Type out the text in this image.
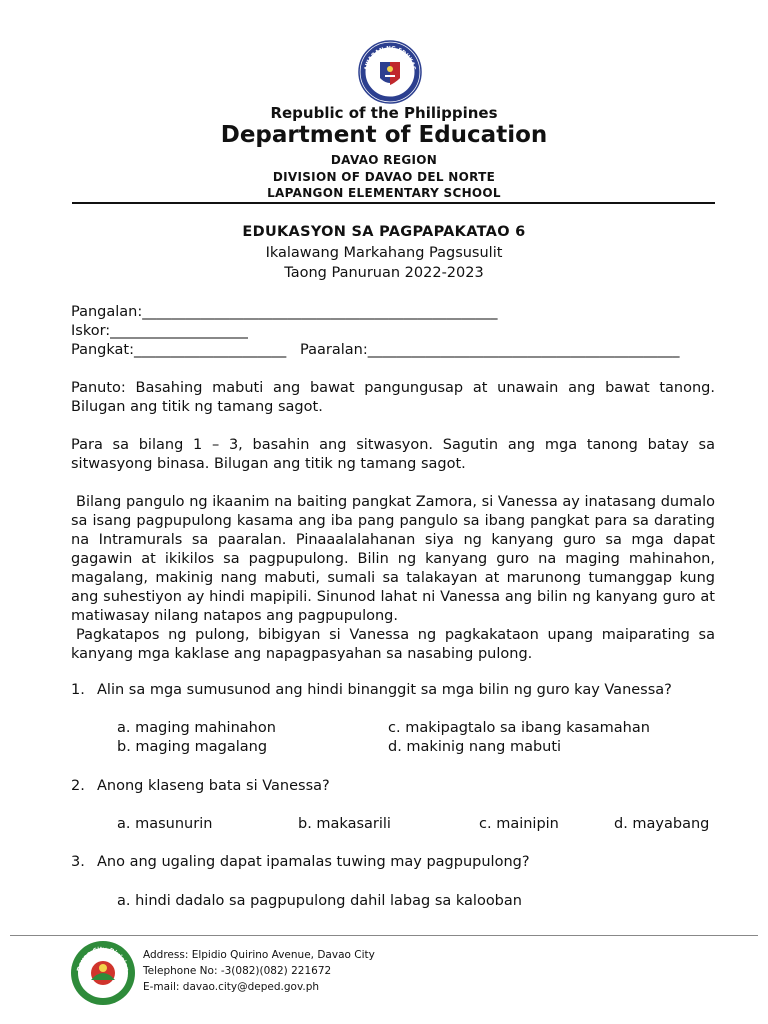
AWARAN NG EDUKAS
Republic of the Philippines
Department of Education
DAVAO REGION
DIVISION OF DAVAO DEL NORTE
LAPANGON ELEMENTARY SCHOOL
EDUKASYON SA PAGPAPAKATAO 6
Ikalawang Markahang Pagsusulit
Taong Panuruan 2022-2023
Pangalan:_________________________________________________
Iskor:___________________
Pangkat:_____________________ Paaralan:___________________________________________
Panuto: Basahing mabuti ang bawat pangungusap at unawain ang bawat tanong. Bilugan ang titik ng tamang sagot.
Para sa bilang 1 – 3, basahin ang sitwasyon. Sagutin ang mga tanong batay sa sitwasyong binasa. Bilugan ang titik ng tamang sagot.

Bilang pangulo ng ikaanim na baiting pangkat Zamora, si Vanessa ay inatasang dumalo sa isang pagpupulong kasama ang iba pang pangulo sa ibang pangkat para sa darating na Intramurals sa paaralan. Pinaaalalahanan siya ng kanyang guro sa mga dapat gagawin at ikikilos sa pagpupulong. Bilin ng kanyang guro na maging mahinahon, magalang, makinig nang mabuti, sumali sa talakayan at marunong tumanggap kung ang suhestiyon ay hindi mapipili. Sinunod lahat ni Vanessa ang bilin ng kanyang guro at matiwasay nilang natapos ang pagpupulong.

Pagkatapos ng pulong, bibigyan si Vanessa ng pagkakataon upang maiparating sa kanyang mga kaklase ang napagpasyahan sa nasabing pulong.

1. Alin sa mga sumusunod ang hindi binanggit sa mga bilin ng guro kay Vanessa?
a. maging mahinahon	c. makipagtalo sa ibang kasamahan
b. maging magalang	d. makinig nang mabuti
2. Anong klaseng bata si Vanessa?
a. masunurin	b. makasarili	c. mainipin	d. mayabang
3. Ano ang ugaling dapat ipamalas tuwing may pagpupulong?
a. hindi dadalo sa pagpupulong dahil labag sa kalooban
Davao City Division
Address: Elpidio Quirino Avenue, Davao City
Telephone No: -3(082)(082) 221672
E-mail: davao.city@deped.gov.ph
